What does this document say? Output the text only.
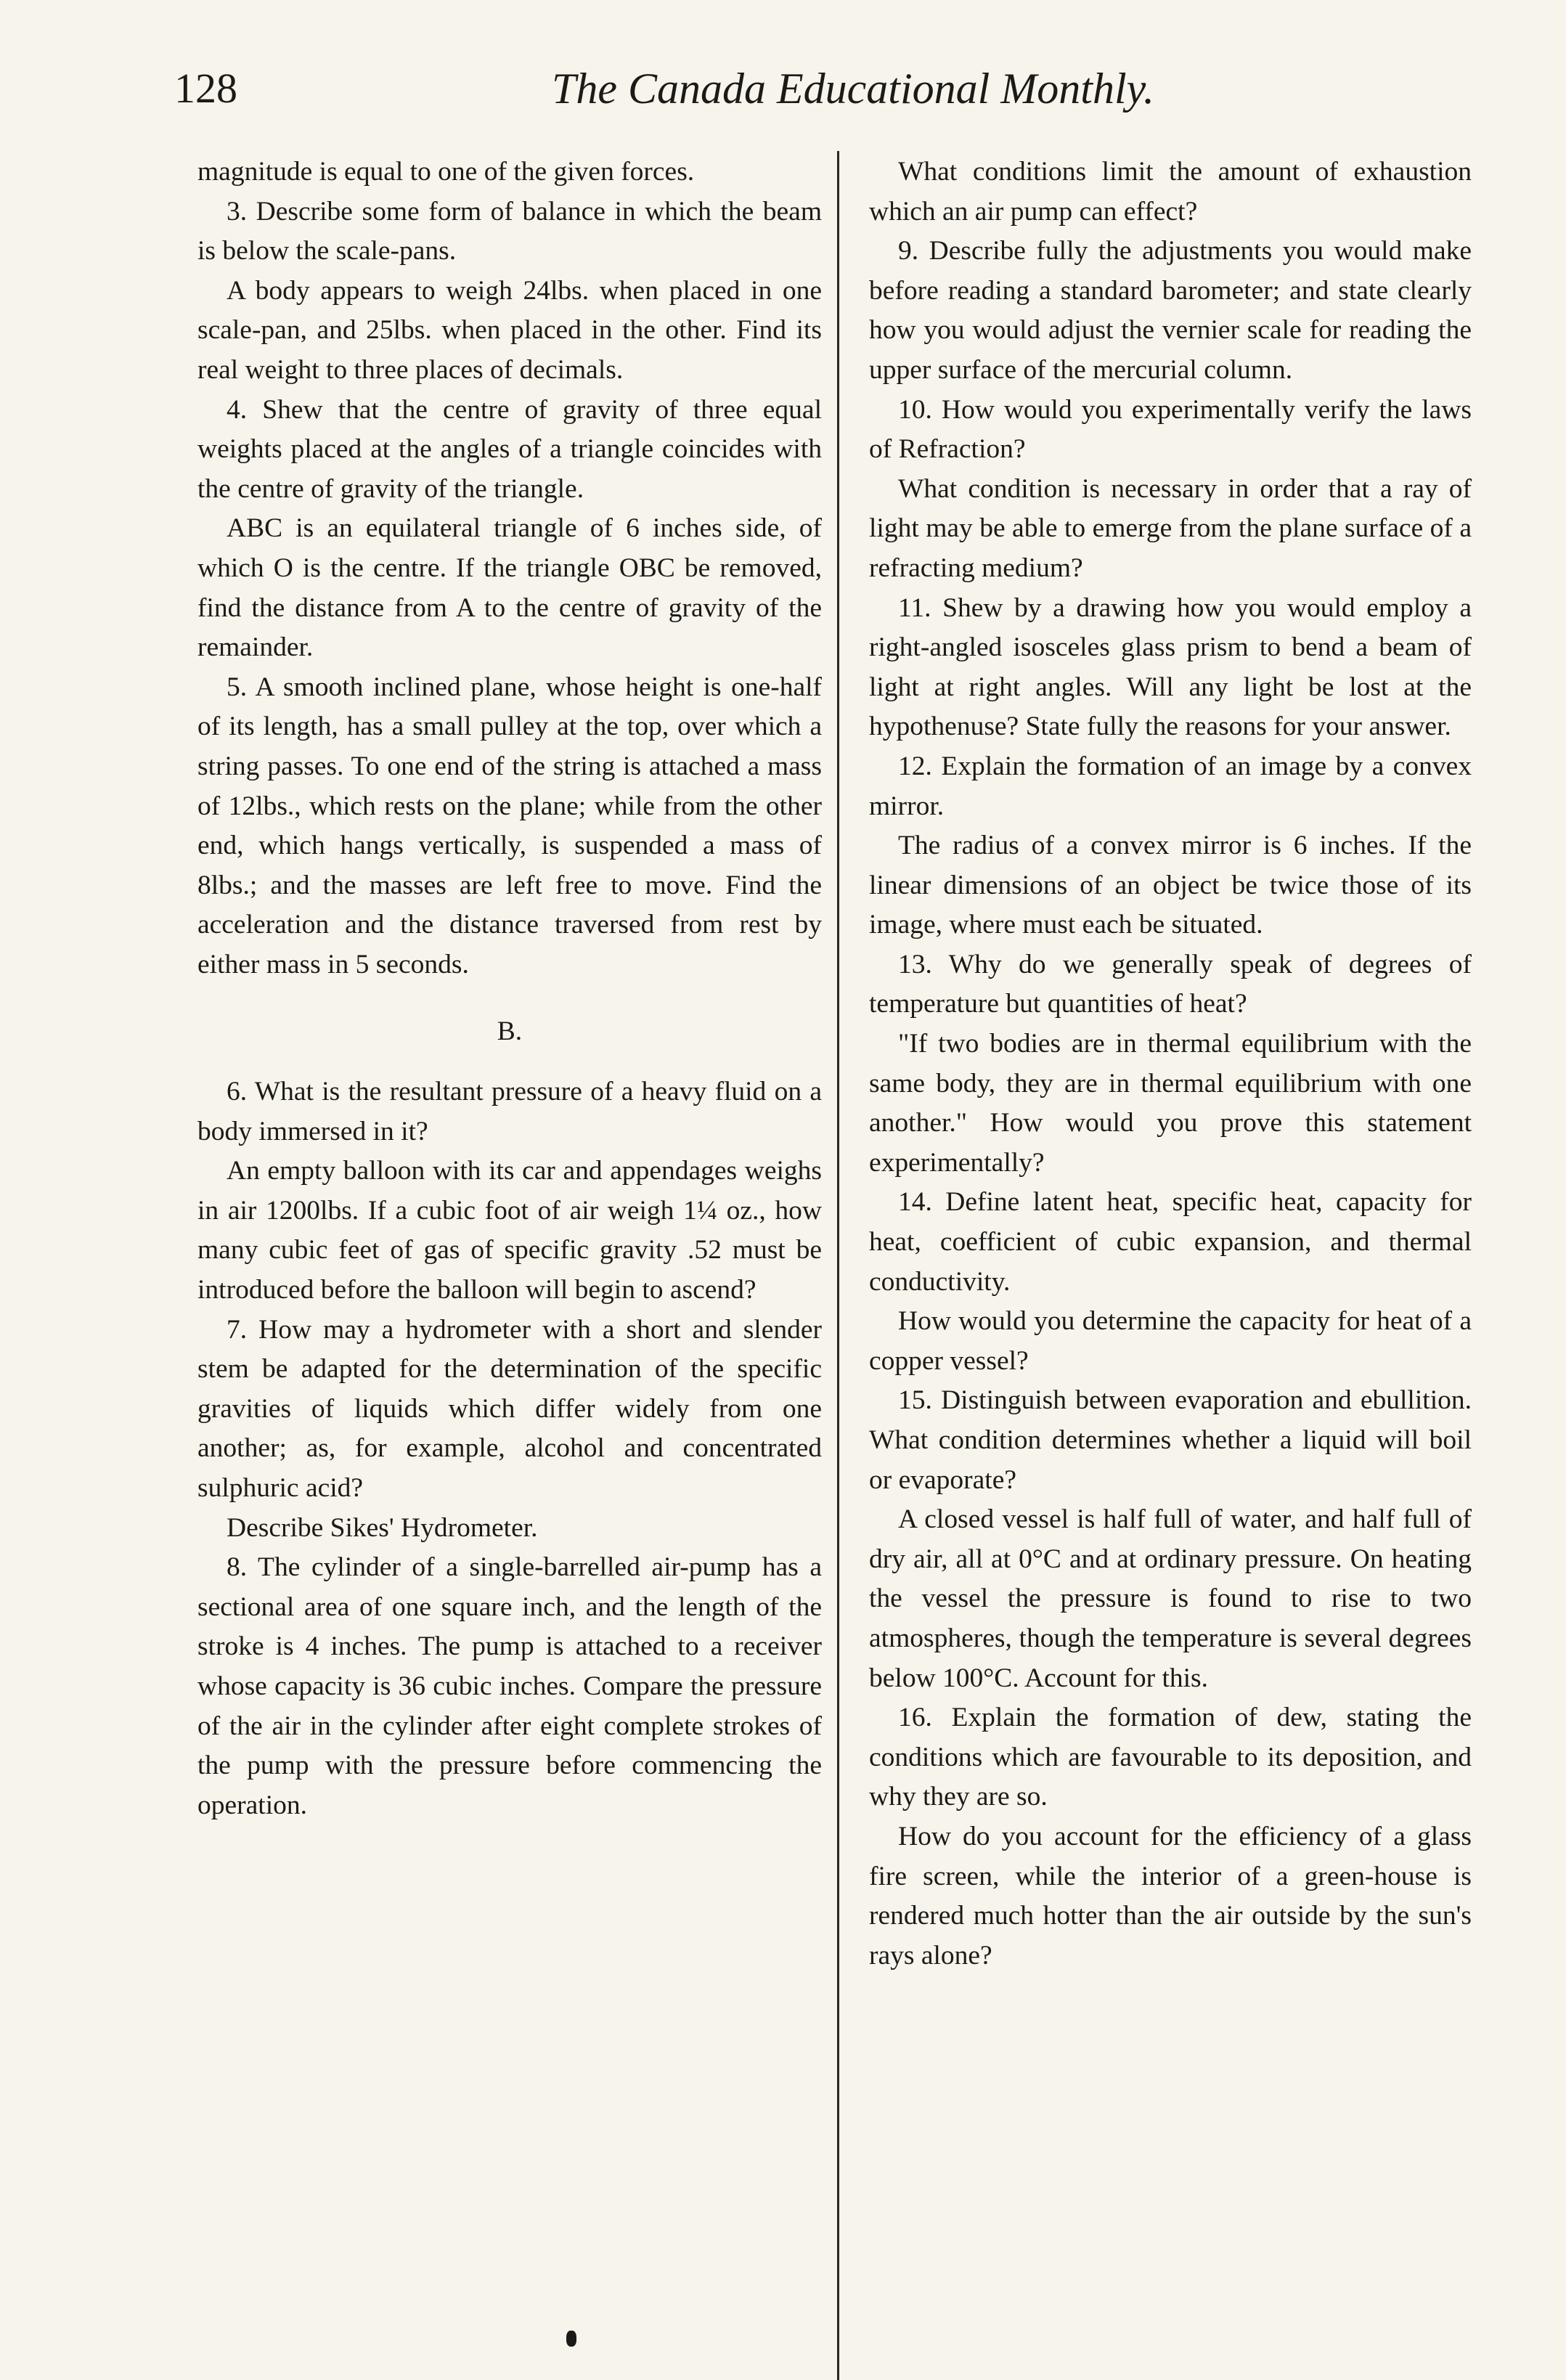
128	The Canada Educational Monthly.

magnitude is equal to one of the given forces.

3. Describe some form of balance in which the beam is below the scale-pans.

A body appears to weigh 24lbs. when placed in one scale-pan, and 25lbs. when placed in the other. Find its real weight to three places of decimals.

4. Shew that the centre of gravity of three equal weights placed at the angles of a triangle coincides with the centre of gravity of the triangle.

ABC is an equilateral triangle of 6 inches side, of which O is the centre. If the triangle OBC be removed, find the distance from A to the centre of gravity of the remainder.

5. A smooth inclined plane, whose height is one-half of its length, has a small pulley at the top, over which a string passes. To one end of the string is attached a mass of 12lbs., which rests on the plane; while from the other end, which hangs vertically, is suspended a mass of 8lbs.; and the masses are left free to move. Find the acceleration and the distance traversed from rest by either mass in 5 seconds.

B.

6. What is the resultant pressure of a heavy fluid on a body immersed in it?

An empty balloon with its car and appendages weighs in air 1200lbs. If a cubic foot of air weigh 1¼ oz., how many cubic feet of gas of specific gravity .52 must be introduced before the balloon will begin to ascend?

7. How may a hydrometer with a short and slender stem be adapted for the determination of the specific gravities of liquids which differ widely from one another; as, for example, alcohol and concentrated sulphuric acid?

Describe Sikes' Hydrometer.

8. The cylinder of a single-barrelled air-pump has a sectional area of one square inch, and the length of the stroke is 4 inches. The pump is attached to a receiver whose capacity is 36 cubic inches. Compare the pressure of the air in the cylinder after eight complete strokes of the pump with the pressure before commencing the operation.

What conditions limit the amount of exhaustion which an air pump can effect?

9. Describe fully the adjustments you would make before reading a standard barometer; and state clearly how you would adjust the vernier scale for reading the upper surface of the mercurial column.

10. How would you experimentally verify the laws of Refraction?

What condition is necessary in order that a ray of light may be able to emerge from the plane surface of a refracting medium?

11. Shew by a drawing how you would employ a right-angled isosceles glass prism to bend a beam of light at right angles. Will any light be lost at the hypothenuse? State fully the reasons for your answer.

12. Explain the formation of an image by a convex mirror.

The radius of a convex mirror is 6 inches. If the linear dimensions of an object be twice those of its image, where must each be situated.

13. Why do we generally speak of degrees of temperature but quantities of heat?

"If two bodies are in thermal equilibrium with the same body, they are in thermal equilibrium with one another." How would you prove this statement experimentally?

14. Define latent heat, specific heat, capacity for heat, coefficient of cubic expansion, and thermal conductivity.

How would you determine the capacity for heat of a copper vessel?

15. Distinguish between evaporation and ebullition. What condition determines whether a liquid will boil or evaporate?

A closed vessel is half full of water, and half full of dry air, all at 0°C and at ordinary pressure. On heating the vessel the pressure is found to rise to two atmospheres, though the temperature is several degrees below 100°C. Account for this.

16. Explain the formation of dew, stating the conditions which are favourable to its deposition, and why they are so.

How do you account for the efficiency of a glass fire screen, while the interior of a green-house is rendered much hotter than the air outside by the sun's rays alone?
